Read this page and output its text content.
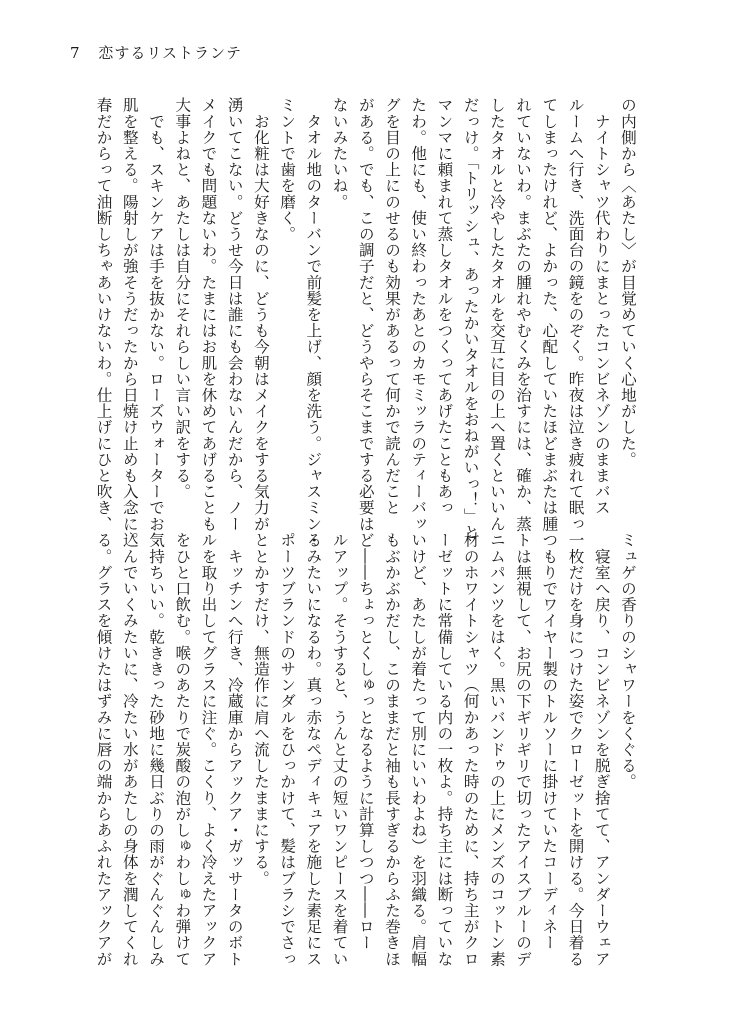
7 恋するリストランテ
の内側から〈あたし〉が目覚めていく心地がした。
　ナイトシャツ代わりにまとったコンビネゾンのままバス
ルームへ行き、洗面台の鏡をのぞく。昨夜は泣き疲れて眠っ
てしまったけれど、よかった、心配していたほどまぶたは腫
れていないわ。まぶたの腫れやむくみを治すには、確か、蒸
したタオルと冷やしたタオルを交互に目の上へ置くといいん
だっけ。「トリッシュ、あったかいタオルをおねがいっ！」と
マンマに頼まれて蒸しタオルをつくってあげたこともあっ
たわ。他にも、使い終わったあとのカモミッラのティーバッ
グを目の上にのせるのも効果があるって何かで読んだこと
がある。でも、この調子だと、どうやらそこまでする必要は
ないみたいね。
　タオル地のターバンで前髪を上げ、顔を洗う。ジャスミン・
ミントで歯を磨く。
　お化粧は大好きなのに、どうも今朝はメイクをする気力が
湧いてこない。どうせ今日は誰にも会わないんだから、ノー
メイクでも問題ないわ。たまにはお肌を休めてあげることも
大事よねと、あたしは自分にそれらしい言い訳をする。
　でも、スキンケアは手を抜かない。ローズウォーターでお
肌を整える。陽射しが強そうだったから日焼け止めも入念に。
春だからって油断しちゃあいけないわ。仕上げにひと吹き、
ミュゲの香りのシャワーをくぐる。
　寝室へ戻り、コンビネゾンを脱ぎ捨てて、アンダーウェア
一枚だけを身につけた姿でクローゼットを開ける。今日着る
つもりでワイヤー製のトルソーに掛けていたコーディネー
トは無視して、お尻の下ギリギリで切ったアイスブルーのデ
ニムパンツをはく。黒いバンドゥの上にメンズのコットン素
材のホワイトシャツ（何かあった時のために、持ち主がクロ
ーゼットに常備している内の一枚よ。持ち主には断っていな
いけど、あたしが着たって別にいいわよね）を羽織る。肩幅
もぶかぶかだし、このままだと袖も長すぎるからふた巻きほ
ど――ちょっとくしゅっとなるように計算しつつ――ロー
ルアップ。そうすると、うんと丈の短いワンピースを着てい
るみたいになるわ。真っ赤なペディキュアを施した素足にス
ポーツブランドのサンダルをひっかけて、髪はブラシでさっ
ととかすだけ、無造作に肩へ流したままにする。
　キッチンへ行き、冷蔵庫からアックア・ガッサータのボト
ルを取り出してグラスに注ぐ。こくり、よく冷えたアックア
をひと口飲む。喉のあたりで炭酸の泡がしゅわしゅわ弾けて
気持ちいい。乾ききった砂地に幾日ぶりの雨がぐんぐんしみ
込んでいくみたいに、冷たい水があたしの身体を潤してくれ
る。グラスを傾けたはずみに唇の端からあふれたアックアが
